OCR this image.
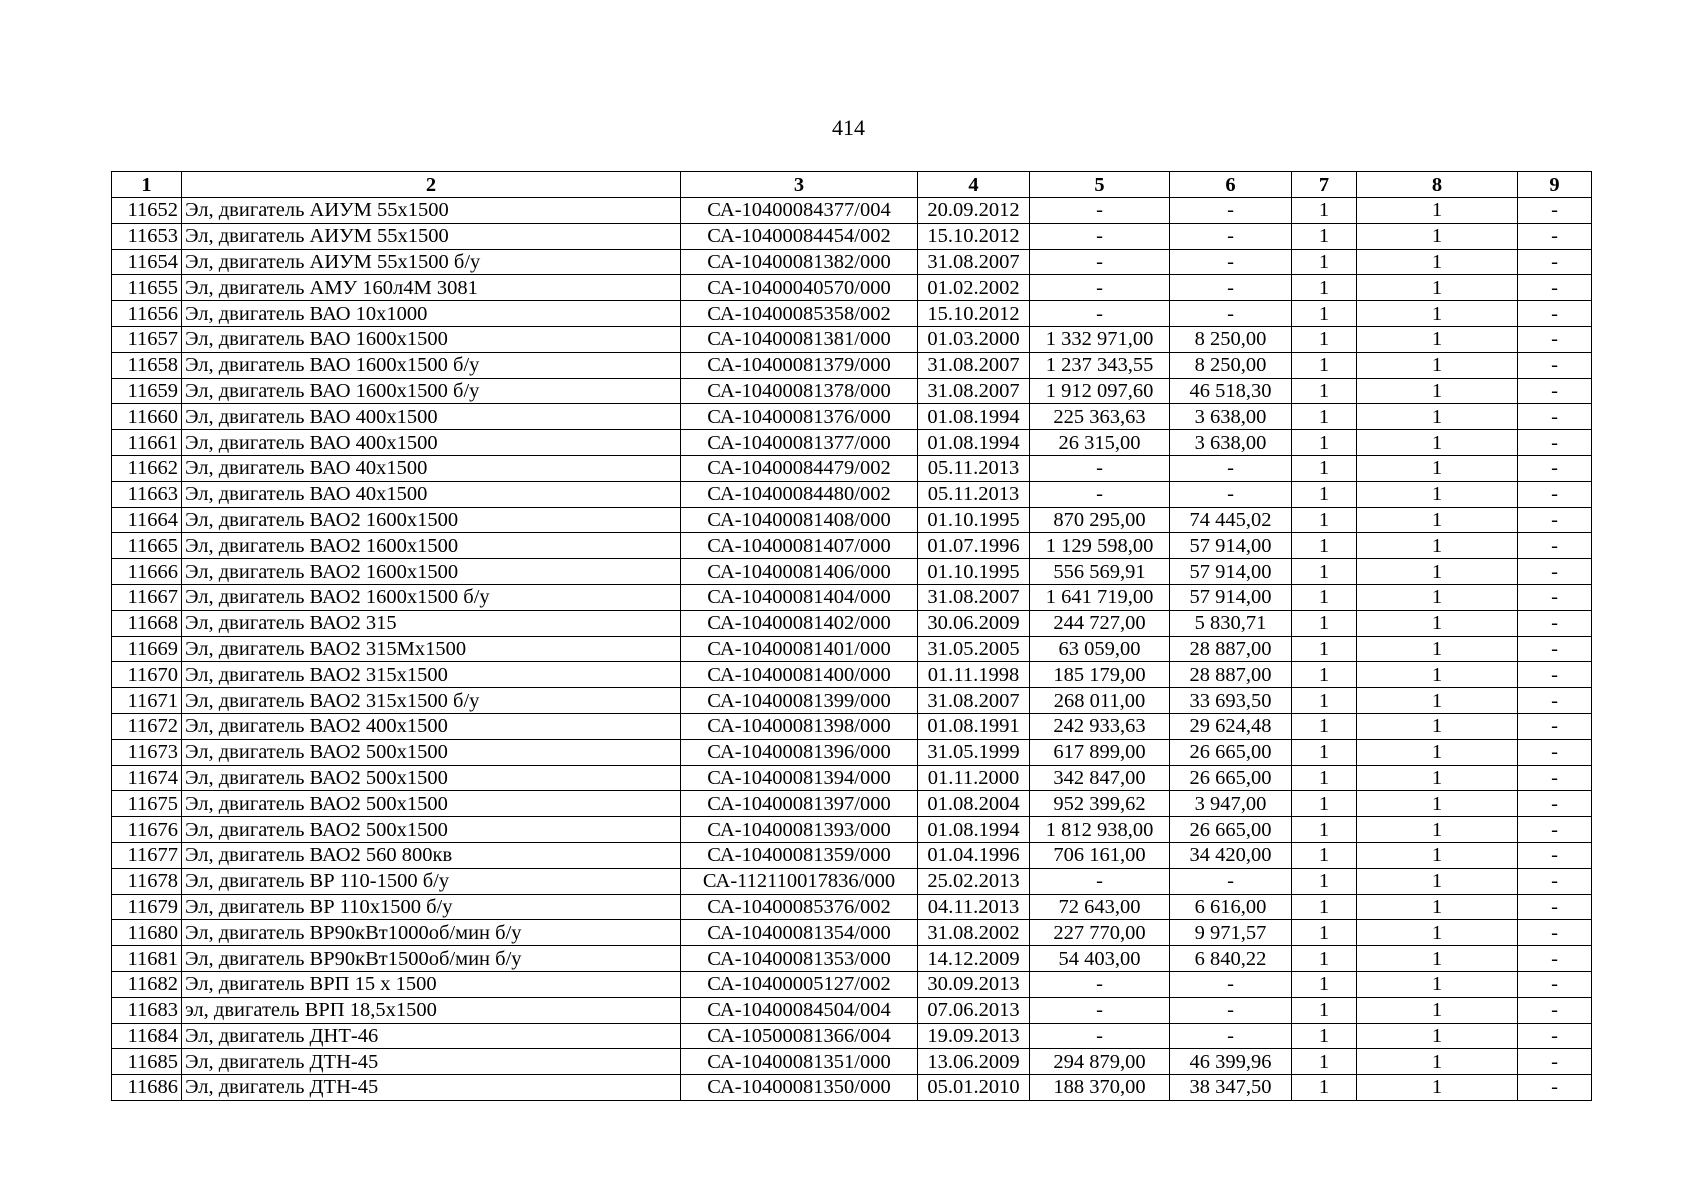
414
1	2	3	4	5	6	7	8	9
11652	Эл, двигатель АИУМ 55х1500	СА-10400084377/004	20.09.2012	-	-	1	1	-
11653	Эл, двигатель АИУМ 55х1500	СА-10400084454/002	15.10.2012	-	-	1	1	-
11654	Эл, двигатель АИУМ 55х1500 б/у	СА-10400081382/000	31.08.2007	-	-	1	1	-
11655	Эл, двигатель АМУ 160л4М 3081	СА-10400040570/000	01.02.2002	-	-	1	1	-
11656	Эл, двигатель ВАО 10х1000	СА-10400085358/002	15.10.2012	-	-	1	1	-
11657	Эл, двигатель ВАО 1600х1500	СА-10400081381/000	01.03.2000	1 332 971,00	8 250,00	1	1	-
11658	Эл, двигатель ВАО 1600х1500 б/у	СА-10400081379/000	31.08.2007	1 237 343,55	8 250,00	1	1	-
11659	Эл, двигатель ВАО 1600х1500 б/у	СА-10400081378/000	31.08.2007	1 912 097,60	46 518,30	1	1	-
11660	Эл, двигатель ВАО 400х1500	СА-10400081376/000	01.08.1994	225 363,63	3 638,00	1	1	-
11661	Эл, двигатель ВАО 400х1500	СА-10400081377/000	01.08.1994	26 315,00	3 638,00	1	1	-
11662	Эл, двигатель ВАО 40х1500	СА-10400084479/002	05.11.2013	-	-	1	1	-
11663	Эл, двигатель ВАО 40х1500	СА-10400084480/002	05.11.2013	-	-	1	1	-
11664	Эл, двигатель ВАО2 1600х1500	СА-10400081408/000	01.10.1995	870 295,00	74 445,02	1	1	-
11665	Эл, двигатель ВАО2 1600х1500	СА-10400081407/000	01.07.1996	1 129 598,00	57 914,00	1	1	-
11666	Эл, двигатель ВАО2 1600х1500	СА-10400081406/000	01.10.1995	556 569,91	57 914,00	1	1	-
11667	Эл, двигатель ВАО2 1600х1500 б/у	СА-10400081404/000	31.08.2007	1 641 719,00	57 914,00	1	1	-
11668	Эл, двигатель ВАО2 315	СА-10400081402/000	30.06.2009	244 727,00	5 830,71	1	1	-
11669	Эл, двигатель ВАО2 315Мх1500	СА-10400081401/000	31.05.2005	63 059,00	28 887,00	1	1	-
11670	Эл, двигатель ВАО2 315х1500	СА-10400081400/000	01.11.1998	185 179,00	28 887,00	1	1	-
11671	Эл, двигатель ВАО2 315х1500 б/у	СА-10400081399/000	31.08.2007	268 011,00	33 693,50	1	1	-
11672	Эл, двигатель ВАО2 400х1500	СА-10400081398/000	01.08.1991	242 933,63	29 624,48	1	1	-
11673	Эл, двигатель ВАО2 500х1500	СА-10400081396/000	31.05.1999	617 899,00	26 665,00	1	1	-
11674	Эл, двигатель ВАО2 500х1500	СА-10400081394/000	01.11.2000	342 847,00	26 665,00	1	1	-
11675	Эл, двигатель ВАО2 500х1500	СА-10400081397/000	01.08.2004	952 399,62	3 947,00	1	1	-
11676	Эл, двигатель ВАО2 500х1500	СА-10400081393/000	01.08.1994	1 812 938,00	26 665,00	1	1	-
11677	Эл, двигатель ВАО2 560 800кв	СА-10400081359/000	01.04.1996	706 161,00	34 420,00	1	1	-
11678	Эл, двигатель ВР 110-1500 б/у	СА-112110017836/000	25.02.2013	-	-	1	1	-
11679	Эл, двигатель ВР 110х1500 б/у	СА-10400085376/002	04.11.2013	72 643,00	6 616,00	1	1	-
11680	Эл, двигатель ВР90кВт1000об/мин б/у	СА-10400081354/000	31.08.2002	227 770,00	9 971,57	1	1	-
11681	Эл, двигатель ВР90кВт1500об/мин б/у	СА-10400081353/000	14.12.2009	54 403,00	6 840,22	1	1	-
11682	Эл, двигатель ВРП 15 х 1500	СА-10400005127/002	30.09.2013	-	-	1	1	-
11683	эл, двигатель ВРП 18,5х1500	СА-10400084504/004	07.06.2013	-	-	1	1	-
11684	Эл, двигатель ДНТ-46	СА-10500081366/004	19.09.2013	-	-	1	1	-
11685	Эл, двигатель ДТН-45	СА-10400081351/000	13.06.2009	294 879,00	46 399,96	1	1	-
11686	Эл, двигатель ДТН-45	СА-10400081350/000	05.01.2010	188 370,00	38 347,50	1	1	-
